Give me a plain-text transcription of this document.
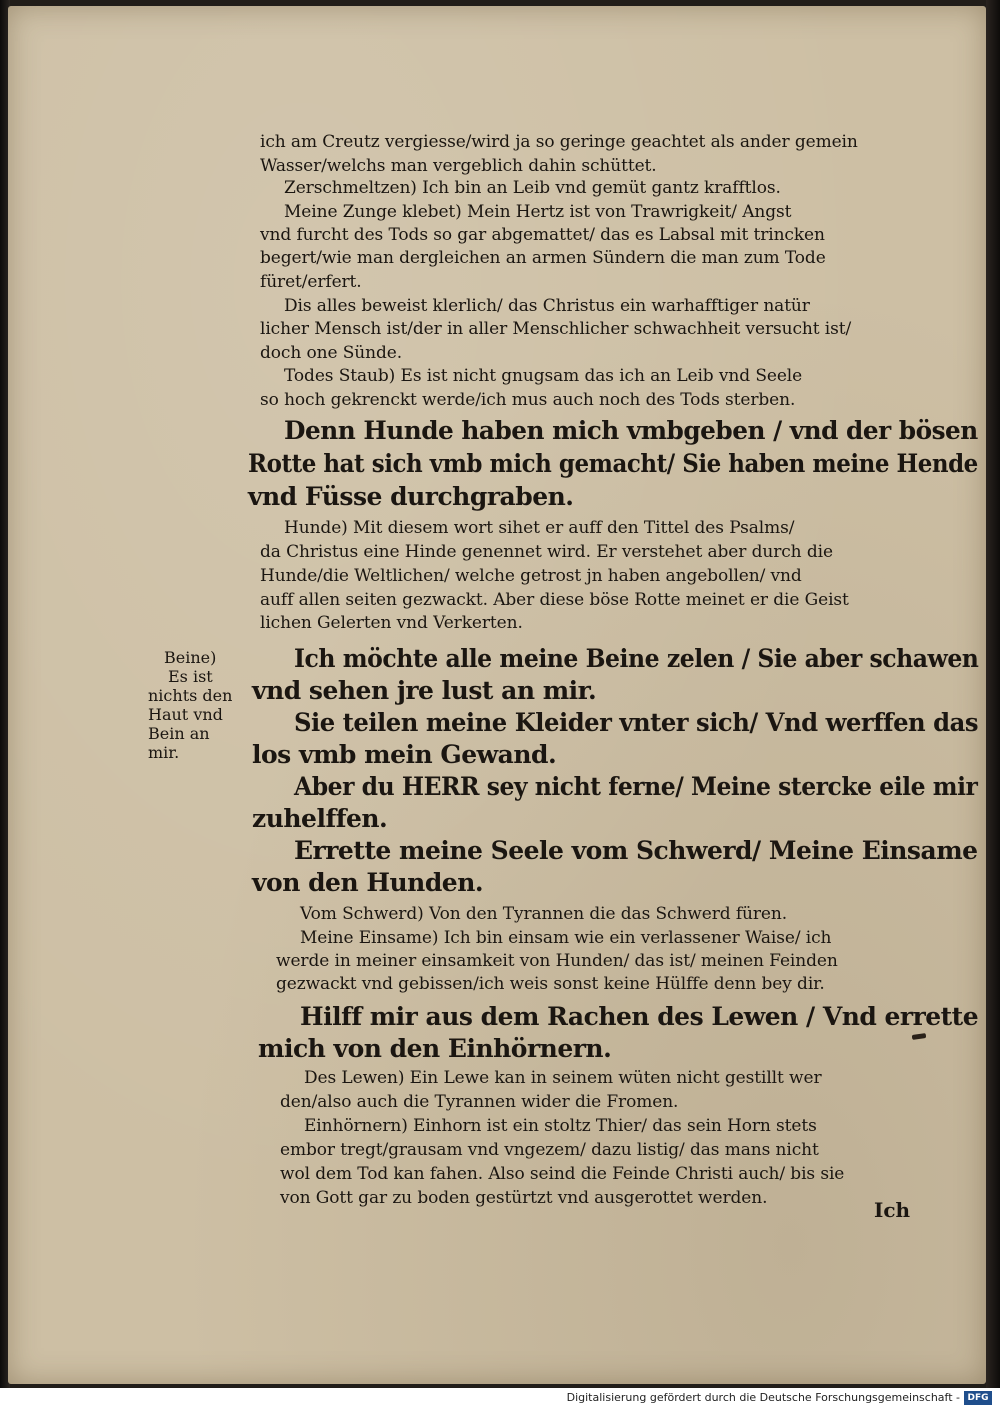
ich am Creutz vergiesse/wird ja so geringe geachtet als ander gemein
Wasser/welchs man vergeblich dahin schüttet.
Zerschmeltzen) Ich bin an Leib vnd gemüt gantz krafftlos.
Meine Zunge klebet) Mein Hertz ist von Trawrigkeit/ Angst
vnd furcht des Tods so gar abgemattet/ das es Labsal mit trincken
begert/wie man dergleichen an armen Sündern die man zum Tode
füret/erfert.
Dis alles beweist klerlich/ das Christus ein warhafftiger natür
licher Mensch ist/der in aller Menschlicher schwachheit versucht ist/
doch one Sünde.
Todes Staub) Es ist nicht gnugsam das ich an Leib vnd Seele
so hoch gekrenckt werde/ich mus auch noch des Tods sterben.
Denn Hunde haben mich vmbgeben / vnd der bösen
Rotte hat sich vmb mich gemacht/ Sie haben meine Hende
vnd Füsse durchgraben.
Hunde) Mit diesem wort sihet er auff den Tittel des Psalms/
da Christus eine Hinde genennet wird. Er verstehet aber durch die
Hunde/die Weltlichen/ welche getrost jn haben angebollen/ vnd
auff allen seiten gezwackt. Aber diese böse Rotte meinet er die Geist
lichen Gelerten vnd Verkerten.
Beine)
Es ist
nichts den
Haut vnd
Bein an
mir.
Ich möchte alle meine Beine zelen / Sie aber schawen
vnd sehen jre lust an mir.
Sie teilen meine Kleider vnter sich/ Vnd werffen das
los vmb mein Gewand.
Aber du HERR sey nicht ferne/ Meine stercke eile mir
zuhelffen.
Errette meine Seele vom Schwerd/ Meine Einsame
von den Hunden.
Vom Schwerd) Von den Tyrannen die das Schwerd füren.
Meine Einsame) Ich bin einsam wie ein verlassener Waise/ ich
werde in meiner einsamkeit von Hunden/ das ist/ meinen Feinden
gezwackt vnd gebissen/ich weis sonst keine Hülffe denn bey dir.
Hilff mir aus dem Rachen des Lewen / Vnd errette
mich von den Einhörnern.
Des Lewen) Ein Lewe kan in seinem wüten nicht gestillt wer
den/also auch die Tyrannen wider die Fromen.
Einhörnern) Einhorn ist ein stoltz Thier/ das sein Horn stets
embor tregt/grausam vnd vngezem/ dazu listig/ das mans nicht
wol dem Tod kan fahen. Also seind die Feinde Christi auch/ bis sie
von Gott gar zu boden gestürtzt vnd ausgerottet werden.	Ich
Digitalisierung gefördert durch die Deutsche Forschungsgemeinschaft - DFG
